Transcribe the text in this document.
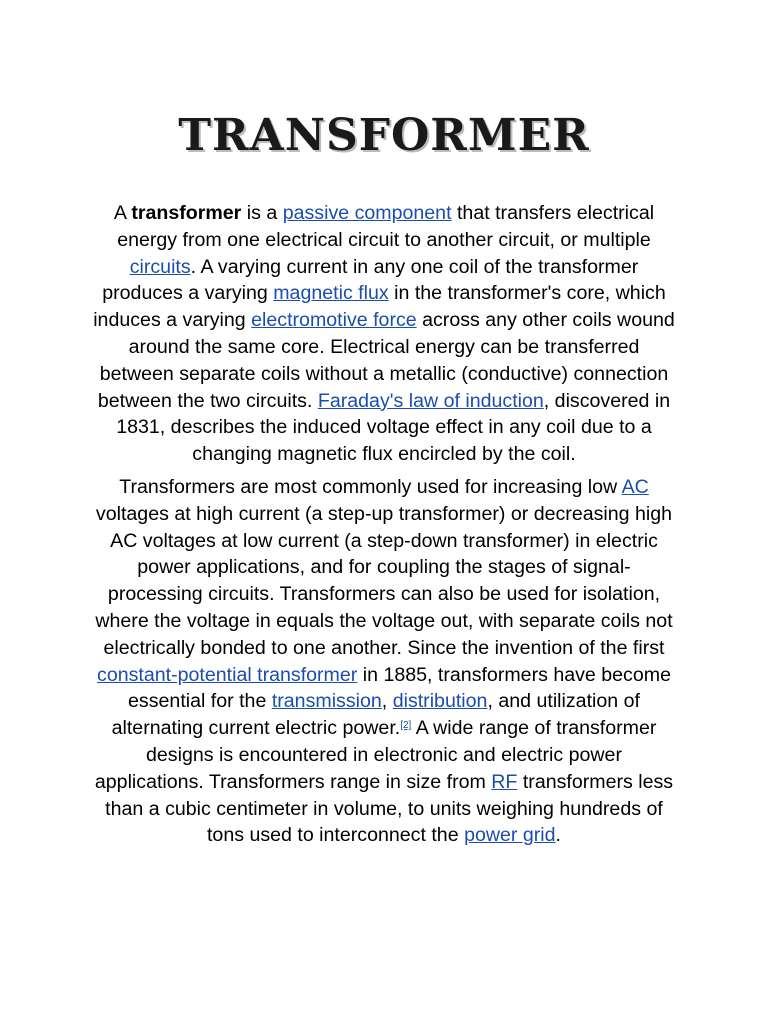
TRANSFORMER

A transformer is a passive component that transfers electrical energy from one electrical circuit to another circuit, or multiple circuits. A varying current in any one coil of the transformer produces a varying magnetic flux in the transformer's core, which induces a varying electromotive force across any other coils wound around the same core. Electrical energy can be transferred between separate coils without a metallic (conductive) connection between the two circuits. Faraday's law of induction, discovered in 1831, describes the induced voltage effect in any coil due to a changing magnetic flux encircled by the coil.

Transformers are most commonly used for increasing low AC voltages at high current (a step-up transformer) or decreasing high AC voltages at low current (a step-down transformer) in electric power applications, and for coupling the stages of signal-processing circuits. Transformers can also be used for isolation, where the voltage in equals the voltage out, with separate coils not electrically bonded to one another. Since the invention of the first constant-potential transformer in 1885, transformers have become essential for the transmission, distribution, and utilization of alternating current electric power.[2] A wide range of transformer designs is encountered in electronic and electric power applications. Transformers range in size from RF transformers less than a cubic centimeter in volume, to units weighing hundreds of tons used to interconnect the power grid.
